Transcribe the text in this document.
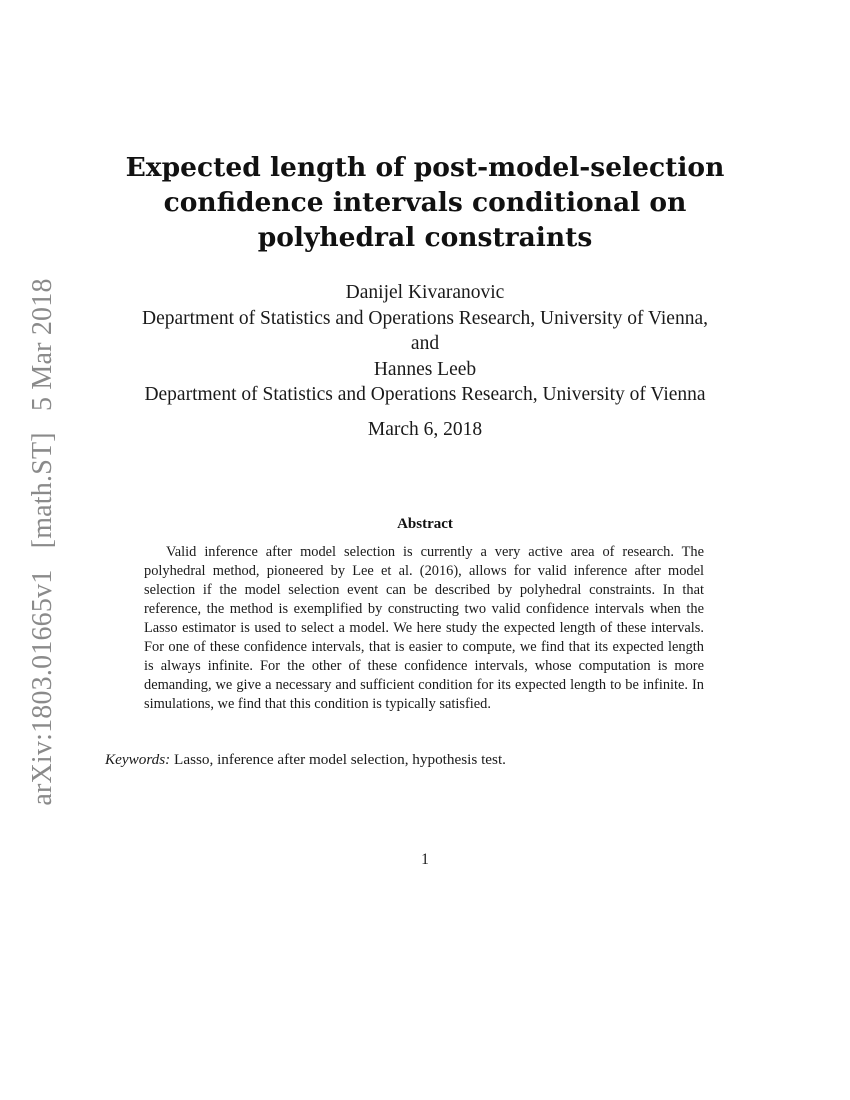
arXiv:1803.01665v1 [math.ST] 5 Mar 2018
Expected length of post-model-selection
confidence intervals conditional on
polyhedral constraints
Danijel Kivaranovic
Department of Statistics and Operations Research, University of Vienna,
and
Hannes Leeb
Department of Statistics and Operations Research, University of Vienna
March 6, 2018
Abstract
Valid inference after model selection is currently a very active area of research. The polyhedral method, pioneered by Lee et al. (2016), allows for valid inference after model selection if the model selection event can be described by polyhedral constraints. In that reference, the method is exemplified by constructing two valid confidence intervals when the Lasso estimator is used to select a model. We here study the expected length of these intervals. For one of these confidence intervals, that is easier to compute, we find that its expected length is always infinite. For the other of these confidence intervals, whose computation is more demanding, we give a necessary and sufficient condition for its expected length to be infinite. In simulations, we find that this condition is typically satisfied.
Keywords: Lasso, inference after model selection, hypothesis test.
1
